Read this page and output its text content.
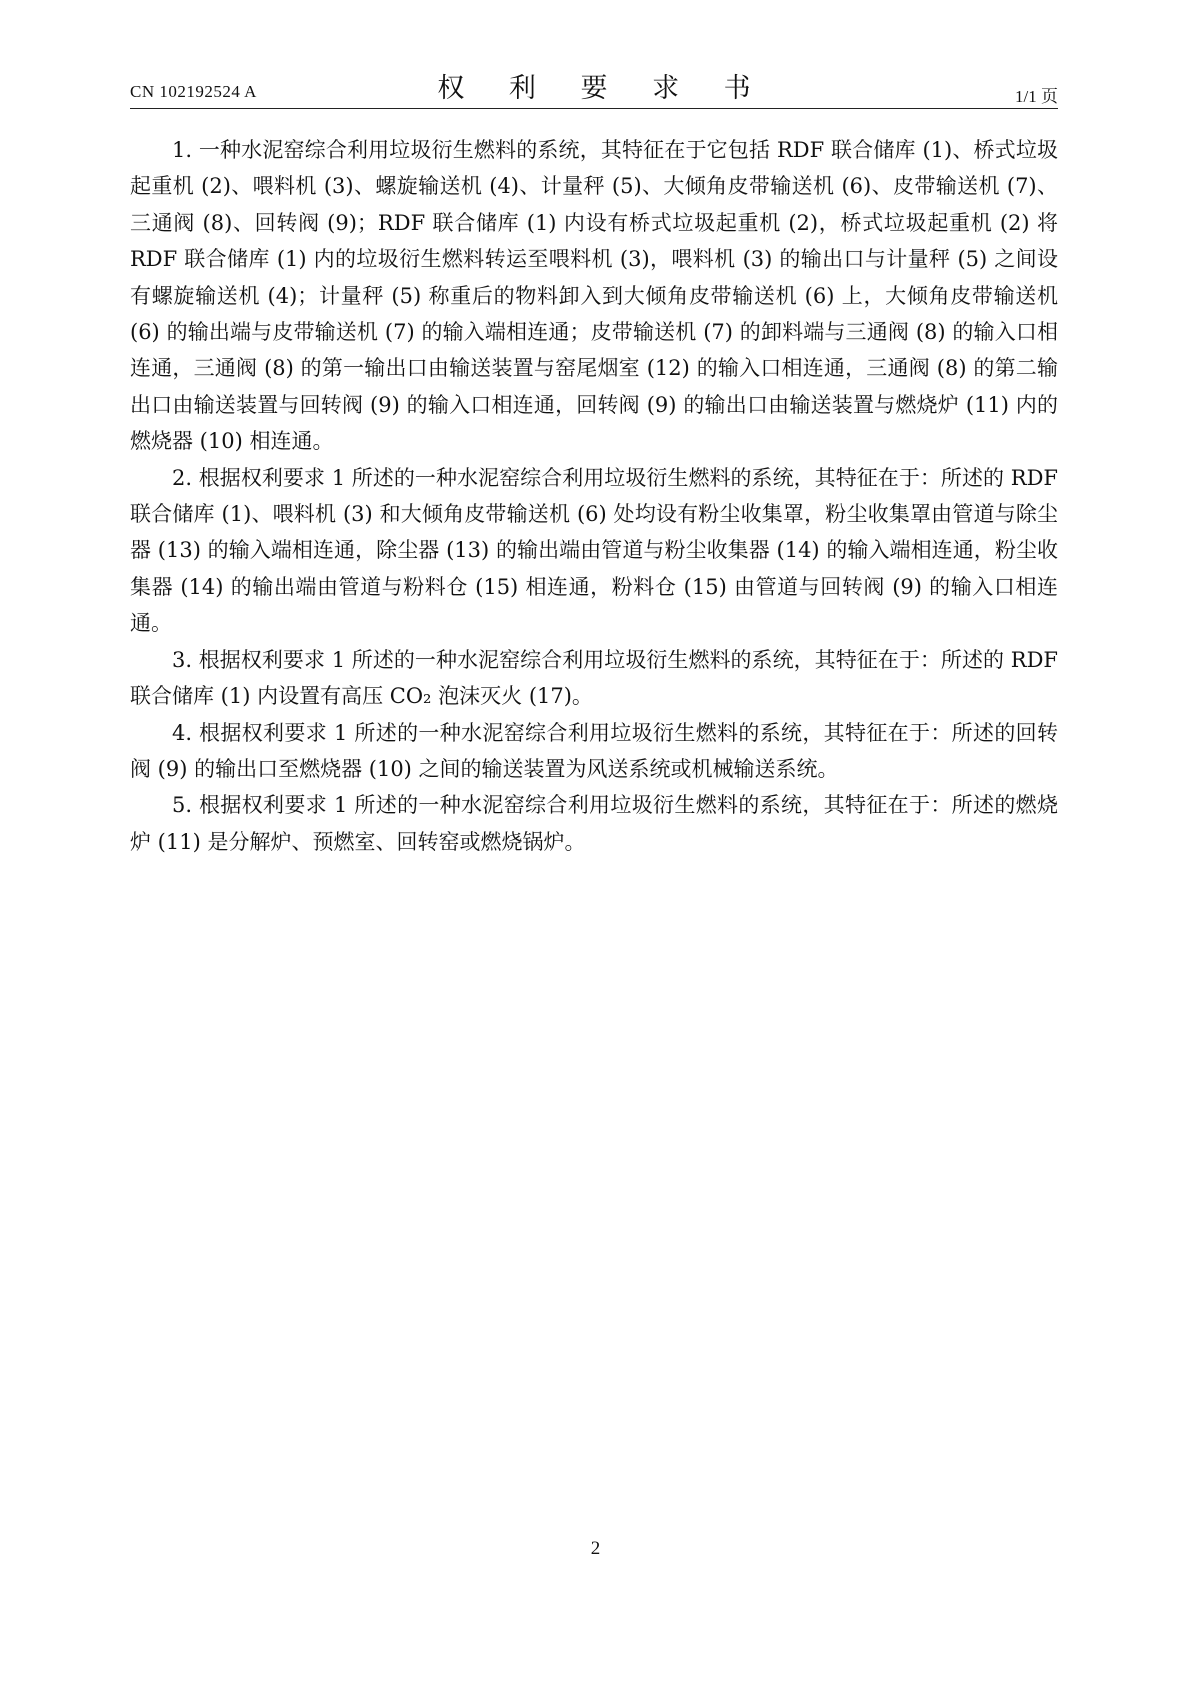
CN 102192524 A	权 利 要 求 书	1/1 页

1. 一种水泥窑综合利用垃圾衍生燃料的系统，其特征在于它包括 RDF 联合储库 (1)、桥式垃圾起重机 (2)、喂料机 (3)、螺旋输送机 (4)、计量秤 (5)、大倾角皮带输送机 (6)、皮带输送机 (7)、三通阀 (8)、回转阀 (9)；RDF 联合储库 (1) 内设有桥式垃圾起重机 (2)，桥式垃圾起重机 (2) 将 RDF 联合储库 (1) 内的垃圾衍生燃料转运至喂料机 (3)，喂料机 (3) 的输出口与计量秤 (5) 之间设有螺旋输送机 (4)；计量秤 (5) 称重后的物料卸入到大倾角皮带输送机 (6) 上，大倾角皮带输送机 (6) 的输出端与皮带输送机 (7) 的输入端相连通；皮带输送机 (7) 的卸料端与三通阀 (8) 的输入口相连通，三通阀 (8) 的第一输出口由输送装置与窑尾烟室 (12) 的输入口相连通，三通阀 (8) 的第二输出口由输送装置与回转阀 (9) 的输入口相连通，回转阀 (9) 的输出口由输送装置与燃烧炉 (11) 内的燃烧器 (10) 相连通。

2. 根据权利要求 1 所述的一种水泥窑综合利用垃圾衍生燃料的系统，其特征在于：所述的 RDF 联合储库 (1)、喂料机 (3) 和大倾角皮带输送机 (6) 处均设有粉尘收集罩，粉尘收集罩由管道与除尘器 (13) 的输入端相连通，除尘器 (13) 的输出端由管道与粉尘收集器 (14) 的输入端相连通，粉尘收集器 (14) 的输出端由管道与粉料仓 (15) 相连通，粉料仓 (15) 由管道与回转阀 (9) 的输入口相连通。

3. 根据权利要求 1 所述的一种水泥窑综合利用垃圾衍生燃料的系统，其特征在于：所述的 RDF 联合储库 (1) 内设置有高压 CO₂ 泡沫灭火 (17)。

4. 根据权利要求 1 所述的一种水泥窑综合利用垃圾衍生燃料的系统，其特征在于：所述的回转阀 (9) 的输出口至燃烧器 (10) 之间的输送装置为风送系统或机械输送系统。

5. 根据权利要求 1 所述的一种水泥窑综合利用垃圾衍生燃料的系统，其特征在于：所述的燃烧炉 (11) 是分解炉、预燃室、回转窑或燃烧锅炉。

2
